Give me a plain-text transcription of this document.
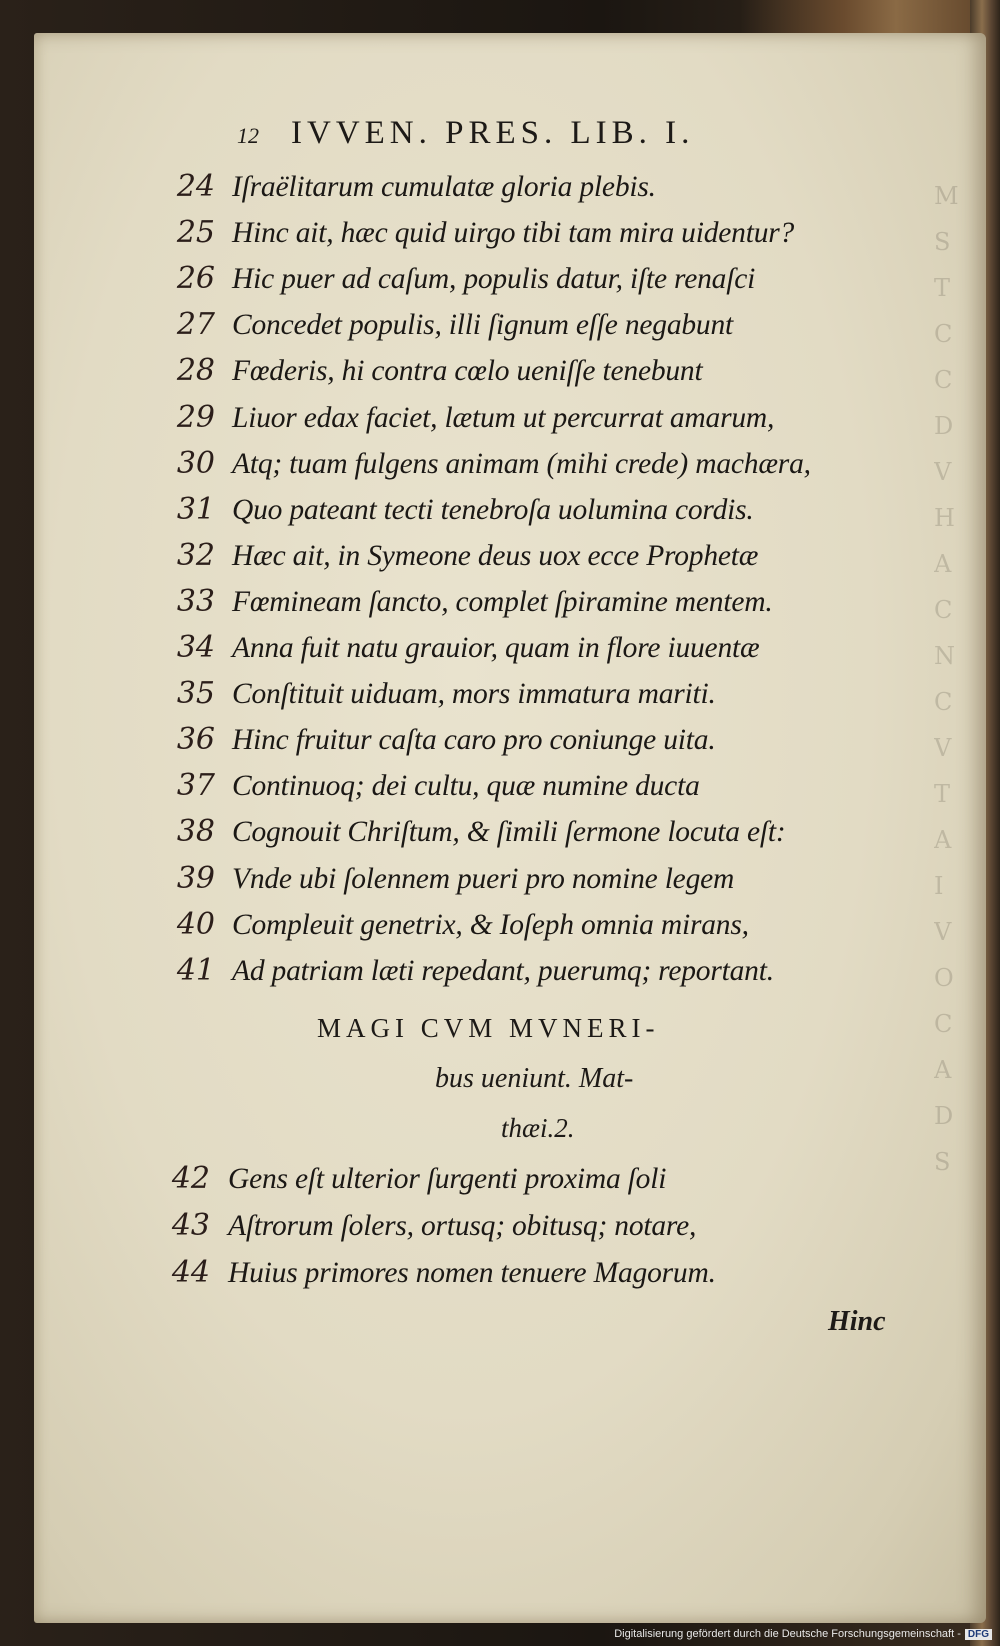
M
S
T
C
C
D
V
H
A
C
N
C
V
T
A
I
V
O
C
A
D
S
12 IVVEN. PRES. LIB. I.
24 Iſraëlitarum cumulatæ gloria plebis.
25 Hinc ait, hæc quid uirgo tibi tam mira uidentur?
26 Hic puer ad caſum, populis datur, iſte renaſci
27 Concedet populis, illi ſignum eſſe negabunt
28 Fœderis, hi contra cœlo ueniſſe tenebunt
29 Liuor edax faciet, lætum ut percurrat amarum,
30 Atq; tuam fulgens animam (mihi crede) machæra,
31 Quo pateant tecti tenebroſa uolumina cordis.
32 Hæc ait, in Symeone deus uox ecce Prophetæ
33 Fœmineam ſancto, complet ſpiramine mentem.
34 Anna fuit natu grauior, quam in flore iuuentæ
35 Conſtituit uiduam, mors immatura mariti.
36 Hinc fruitur caſta caro pro coniunge uita.
37 Continuoq; dei cultu, quæ numine ducta
38 Cognouit Chriſtum, & ſimili ſermone locuta eſt:
39 Vnde ubi ſolennem pueri pro nomine legem
40 Compleuit genetrix, & Ioſeph omnia mirans,
41 Ad patriam læti repedant, puerumq; reportant.
MAGI CVM MVNERI-
bus ueniunt. Mat-
thæi.2.
42 Gens eſt ulterior ſurgenti proxima ſoli
43 Aſtrorum ſolers, ortusq; obitusq; notare,
44 Huius primores nomen tenuere Magorum.
Hinc
Digitalisierung gefördert durch die Deutsche Forschungsgemeinschaft - DFG
